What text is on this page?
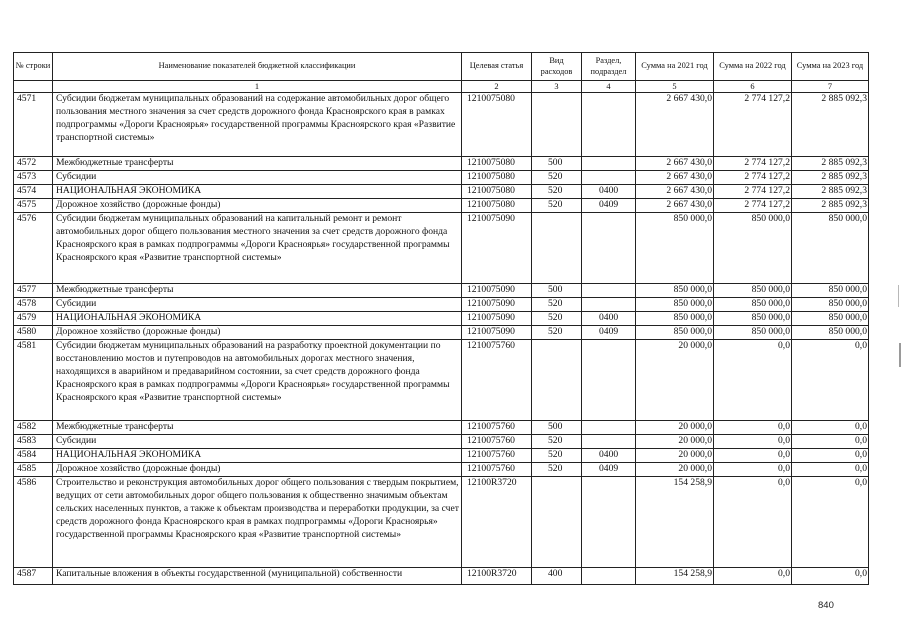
№ строки	Наименование показателей бюджетной классификации	Целевая статья	Вид расходов	Раздел, подраздел	Сумма на 2021 год	Сумма на 2022 год	Сумма на 2023 год
	1	2	3	4	5	6	7
4571	Субсидии бюджетам муниципальных образований на содержание автомобильных дорог общего пользования местного значения за счет средств дорожного фонда Красноярского края в рамках подпрограммы «Дороги Красноярья» государственной программы Красноярского края «Развитие транспортной системы»	1210075080			2 667 430,0	2 774 127,2	2 885 092,3
4572	Межбюджетные трансферты	1210075080	500		2 667 430,0	2 774 127,2	2 885 092,3
4573	Субсидии	1210075080	520		2 667 430,0	2 774 127,2	2 885 092,3
4574	НАЦИОНАЛЬНАЯ ЭКОНОМИКА	1210075080	520	0400	2 667 430,0	2 774 127,2	2 885 092,3
4575	Дорожное хозяйство (дорожные фонды)	1210075080	520	0409	2 667 430,0	2 774 127,2	2 885 092,3
4576	Субсидии бюджетам муниципальных образований на капитальный ремонт и ремонт автомобильных дорог общего пользования местного значения за счет средств дорожного фонда Красноярского края в рамках подпрограммы «Дороги Красноярья» государственной программы Красноярского края «Развитие транспортной системы»	1210075090			850 000,0	850 000,0	850 000,0
4577	Межбюджетные трансферты	1210075090	500		850 000,0	850 000,0	850 000,0
4578	Субсидии	1210075090	520		850 000,0	850 000,0	850 000,0
4579	НАЦИОНАЛЬНАЯ ЭКОНОМИКА	1210075090	520	0400	850 000,0	850 000,0	850 000,0
4580	Дорожное хозяйство (дорожные фонды)	1210075090	520	0409	850 000,0	850 000,0	850 000,0
4581	Субсидии бюджетам муниципальных образований на разработку проектной документации по восстановлению мостов и путепроводов на автомобильных дорогах местного значения, находящихся в аварийном и предаварийном состоянии, за счет средств дорожного фонда Красноярского края в рамках подпрограммы «Дороги Красноярья» государственной программы Красноярского края «Развитие транспортной системы»	1210075760			20 000,0	0,0	0,0
4582	Межбюджетные трансферты	1210075760	500		20 000,0	0,0	0,0
4583	Субсидии	1210075760	520		20 000,0	0,0	0,0
4584	НАЦИОНАЛЬНАЯ ЭКОНОМИКА	1210075760	520	0400	20 000,0	0,0	0,0
4585	Дорожное хозяйство (дорожные фонды)	1210075760	520	0409	20 000,0	0,0	0,0
4586	Строительство и реконструкция автомобильных дорог общего пользования с твердым покрытием, ведущих от сети автомобильных дорог общего пользования к общественно значимым объектам сельских населенных пунктов, а также к объектам производства и переработки продукции, за счет средств дорожного фонда Красноярского края в рамках подпрограммы «Дороги Красноярья» государственной программы Красноярского края «Развитие транспортной системы»	12100R3720			154 258,9	0,0	0,0
4587	Капитальные вложения в объекты государственной (муниципальной) собственности	12100R3720	400		154 258,9	0,0	0,0
840
